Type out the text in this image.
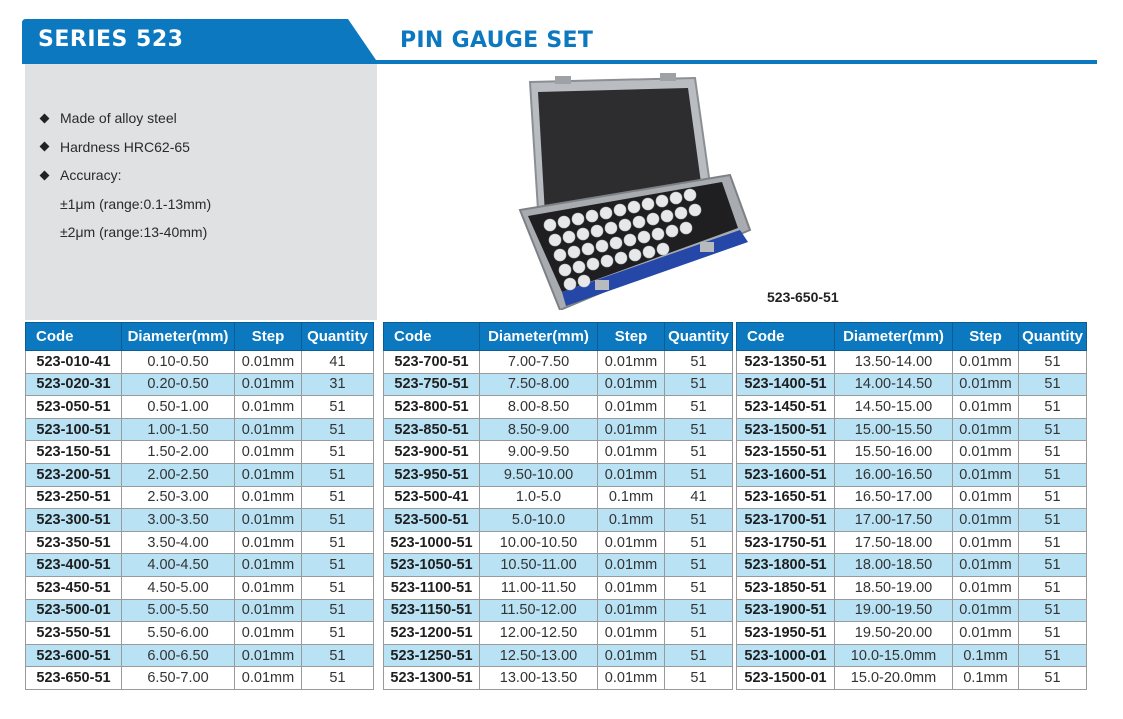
SERIES 523	PIN GAUGE SET
Made of alloy steel
Hardness HRC62-65
Accuracy:
±1μm (range:0.1-13mm)
±2μm (range:13-40mm)
523-650-51
Code	Diameter(mm)	Step	Quantity
523-010-41	0.10-0.50	0.01mm	41
523-020-31	0.20-0.50	0.01mm	31
523-050-51	0.50-1.00	0.01mm	51
523-100-51	1.00-1.50	0.01mm	51
523-150-51	1.50-2.00	0.01mm	51
523-200-51	2.00-2.50	0.01mm	51
523-250-51	2.50-3.00	0.01mm	51
523-300-51	3.00-3.50	0.01mm	51
523-350-51	3.50-4.00	0.01mm	51
523-400-51	4.00-4.50	0.01mm	51
523-450-51	4.50-5.00	0.01mm	51
523-500-01	5.00-5.50	0.01mm	51
523-550-51	5.50-6.00	0.01mm	51
523-600-51	6.00-6.50	0.01mm	51
523-650-51	6.50-7.00	0.01mm	51
Code	Diameter(mm)	Step	Quantity
523-700-51	7.00-7.50	0.01mm	51
523-750-51	7.50-8.00	0.01mm	51
523-800-51	8.00-8.50	0.01mm	51
523-850-51	8.50-9.00	0.01mm	51
523-900-51	9.00-9.50	0.01mm	51
523-950-51	9.50-10.00	0.01mm	51
523-500-41	1.0-5.0	0.1mm	41
523-500-51	5.0-10.0	0.1mm	51
523-1000-51	10.00-10.50	0.01mm	51
523-1050-51	10.50-11.00	0.01mm	51
523-1100-51	11.00-11.50	0.01mm	51
523-1150-51	11.50-12.00	0.01mm	51
523-1200-51	12.00-12.50	0.01mm	51
523-1250-51	12.50-13.00	0.01mm	51
523-1300-51	13.00-13.50	0.01mm	51
Code	Diameter(mm)	Step	Quantity
523-1350-51	13.50-14.00	0.01mm	51
523-1400-51	14.00-14.50	0.01mm	51
523-1450-51	14.50-15.00	0.01mm	51
523-1500-51	15.00-15.50	0.01mm	51
523-1550-51	15.50-16.00	0.01mm	51
523-1600-51	16.00-16.50	0.01mm	51
523-1650-51	16.50-17.00	0.01mm	51
523-1700-51	17.00-17.50	0.01mm	51
523-1750-51	17.50-18.00	0.01mm	51
523-1800-51	18.00-18.50	0.01mm	51
523-1850-51	18.50-19.00	0.01mm	51
523-1900-51	19.00-19.50	0.01mm	51
523-1950-51	19.50-20.00	0.01mm	51
523-1000-01	10.0-15.0mm	0.1mm	51
523-1500-01	15.0-20.0mm	0.1mm	51
